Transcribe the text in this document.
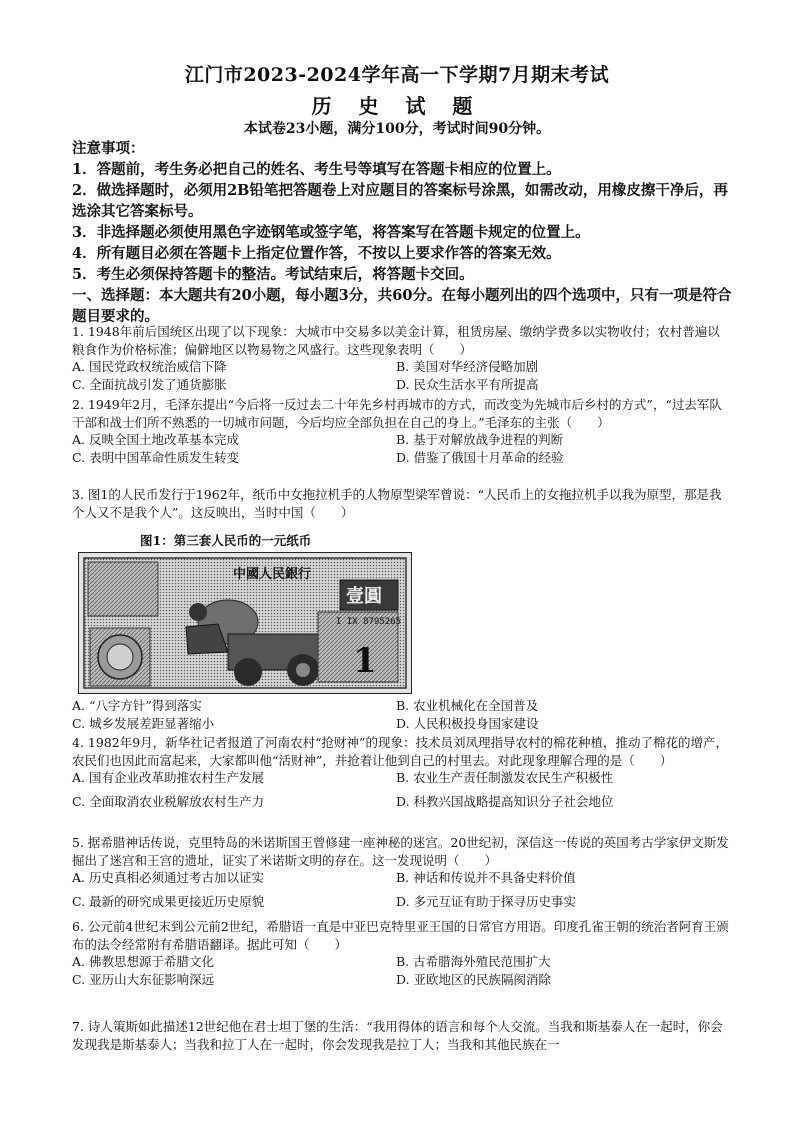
江门市2023-2024学年高一下学期7月期末考试
历 史 试 题
本试卷23小题，满分100分，考试时间90分钟。

注意事项：

1．答题前，考生务必把自己的姓名、考生号等填写在答题卡相应的位置上。

2．做选择题时，必须用2B铅笔把答题卷上对应题目的答案标号涂黑，如需改动，用橡皮擦干净后，再选涂其它答案标号。

3．非选择题必须使用黑色字迹钢笔或签字笔，将答案写在答题卡规定的位置上。

4．所有题目必须在答题卡上指定位置作答，不按以上要求作答的答案无效。

5．考生必须保持答题卡的整洁。考试结束后，将答题卡交回。

一、选择题：本大题共有20小题，每小题3分，共60分。在每小题列出的四个选项中，只有一项是符合题目要求的。

1. 1948年前后国统区出现了以下现象：大城市中交易多以美金计算，租赁房屋、缴纳学费多以实物收付；农村普遍以粮食作为价格标准；偏僻地区以物易物之风盛行。这些现象表明（　　）

A. 国民党政权统治威信下降	B. 美国对华经济侵略加剧
C. 全面抗战引发了通货膨胀	D. 民众生活水平有所提高

2. 1949年2月，毛泽东提出“今后将一反过去二十年先乡村再城市的方式，而改变为先城市后乡村的方式”，“过去军队干部和战士们所不熟悉的一切城市问题，今后均应全部负担在自己的身上。”毛泽东的主张（　　）

A. 反映全国土地改革基本完成	B. 基于对解放战争进程的判断
C. 表明中国革命性质发生转变	D. 借鉴了俄国十月革命的经验

3. 图1的人民币发行于1962年，纸币中女拖拉机手的人物原型梁军曾说：“人民币上的女拖拉机手以我为原型，那是我个人又不是我个人”。这反映出，当时中国（　　）

图1：第三套人民币的一元纸币
中國人民銀行
壹圓
I IX 8795265
1
A. “八字方针”得到落实	B. 农业机械化在全国普及
C. 城乡发展差距显著缩小	D. 人民积极投身国家建设

4. 1982年9月，新华社记者报道了河南农村“抢财神”的现象：技术员刘凤理指导农村的棉花种植，推动了棉花的增产，农民们也因此而富起来，大家都叫他“活财神”，并抢着让他到自己的村里去。对此现象理解合理的是（　　）

A. 国有企业改革助推农村生产发展	B. 农业生产责任制激发农民生产积极性
C. 全面取消农业税解放农村生产力	D. 科教兴国战略提高知识分子社会地位

5. 据希腊神话传说，克里特岛的米诺斯国王曾修建一座神秘的迷宫。20世纪初，深信这一传说的英国考古学家伊文斯发掘出了迷宫和王宫的遗址，证实了米诺斯文明的存在。这一发现说明（　　）

A. 历史真相必须通过考古加以证实	B. 神话和传说并不具备史料价值
C. 最新的研究成果更接近历史原貌	D. 多元互证有助于探寻历史事实

6. 公元前4世纪末到公元前2世纪，希腊语一直是中亚巴克特里亚王国的日常官方用语。印度孔雀王朝的统治者阿育王颁布的法令经常附有希腊语翻译。据此可知（　　）

A. 佛教思想源于希腊文化	B. 古希腊海外殖民范围扩大
C. 亚历山大东征影响深远	D. 亚欧地区的民族隔阂消除

7. 诗人策斯如此描述12世纪他在君士坦丁堡的生活：“我用得体的语言和每个人交流。当我和斯基泰人在一起时，你会发现我是斯基泰人；当我和拉丁人在一起时，你会发现我是拉丁人；当我和其他民族在一
